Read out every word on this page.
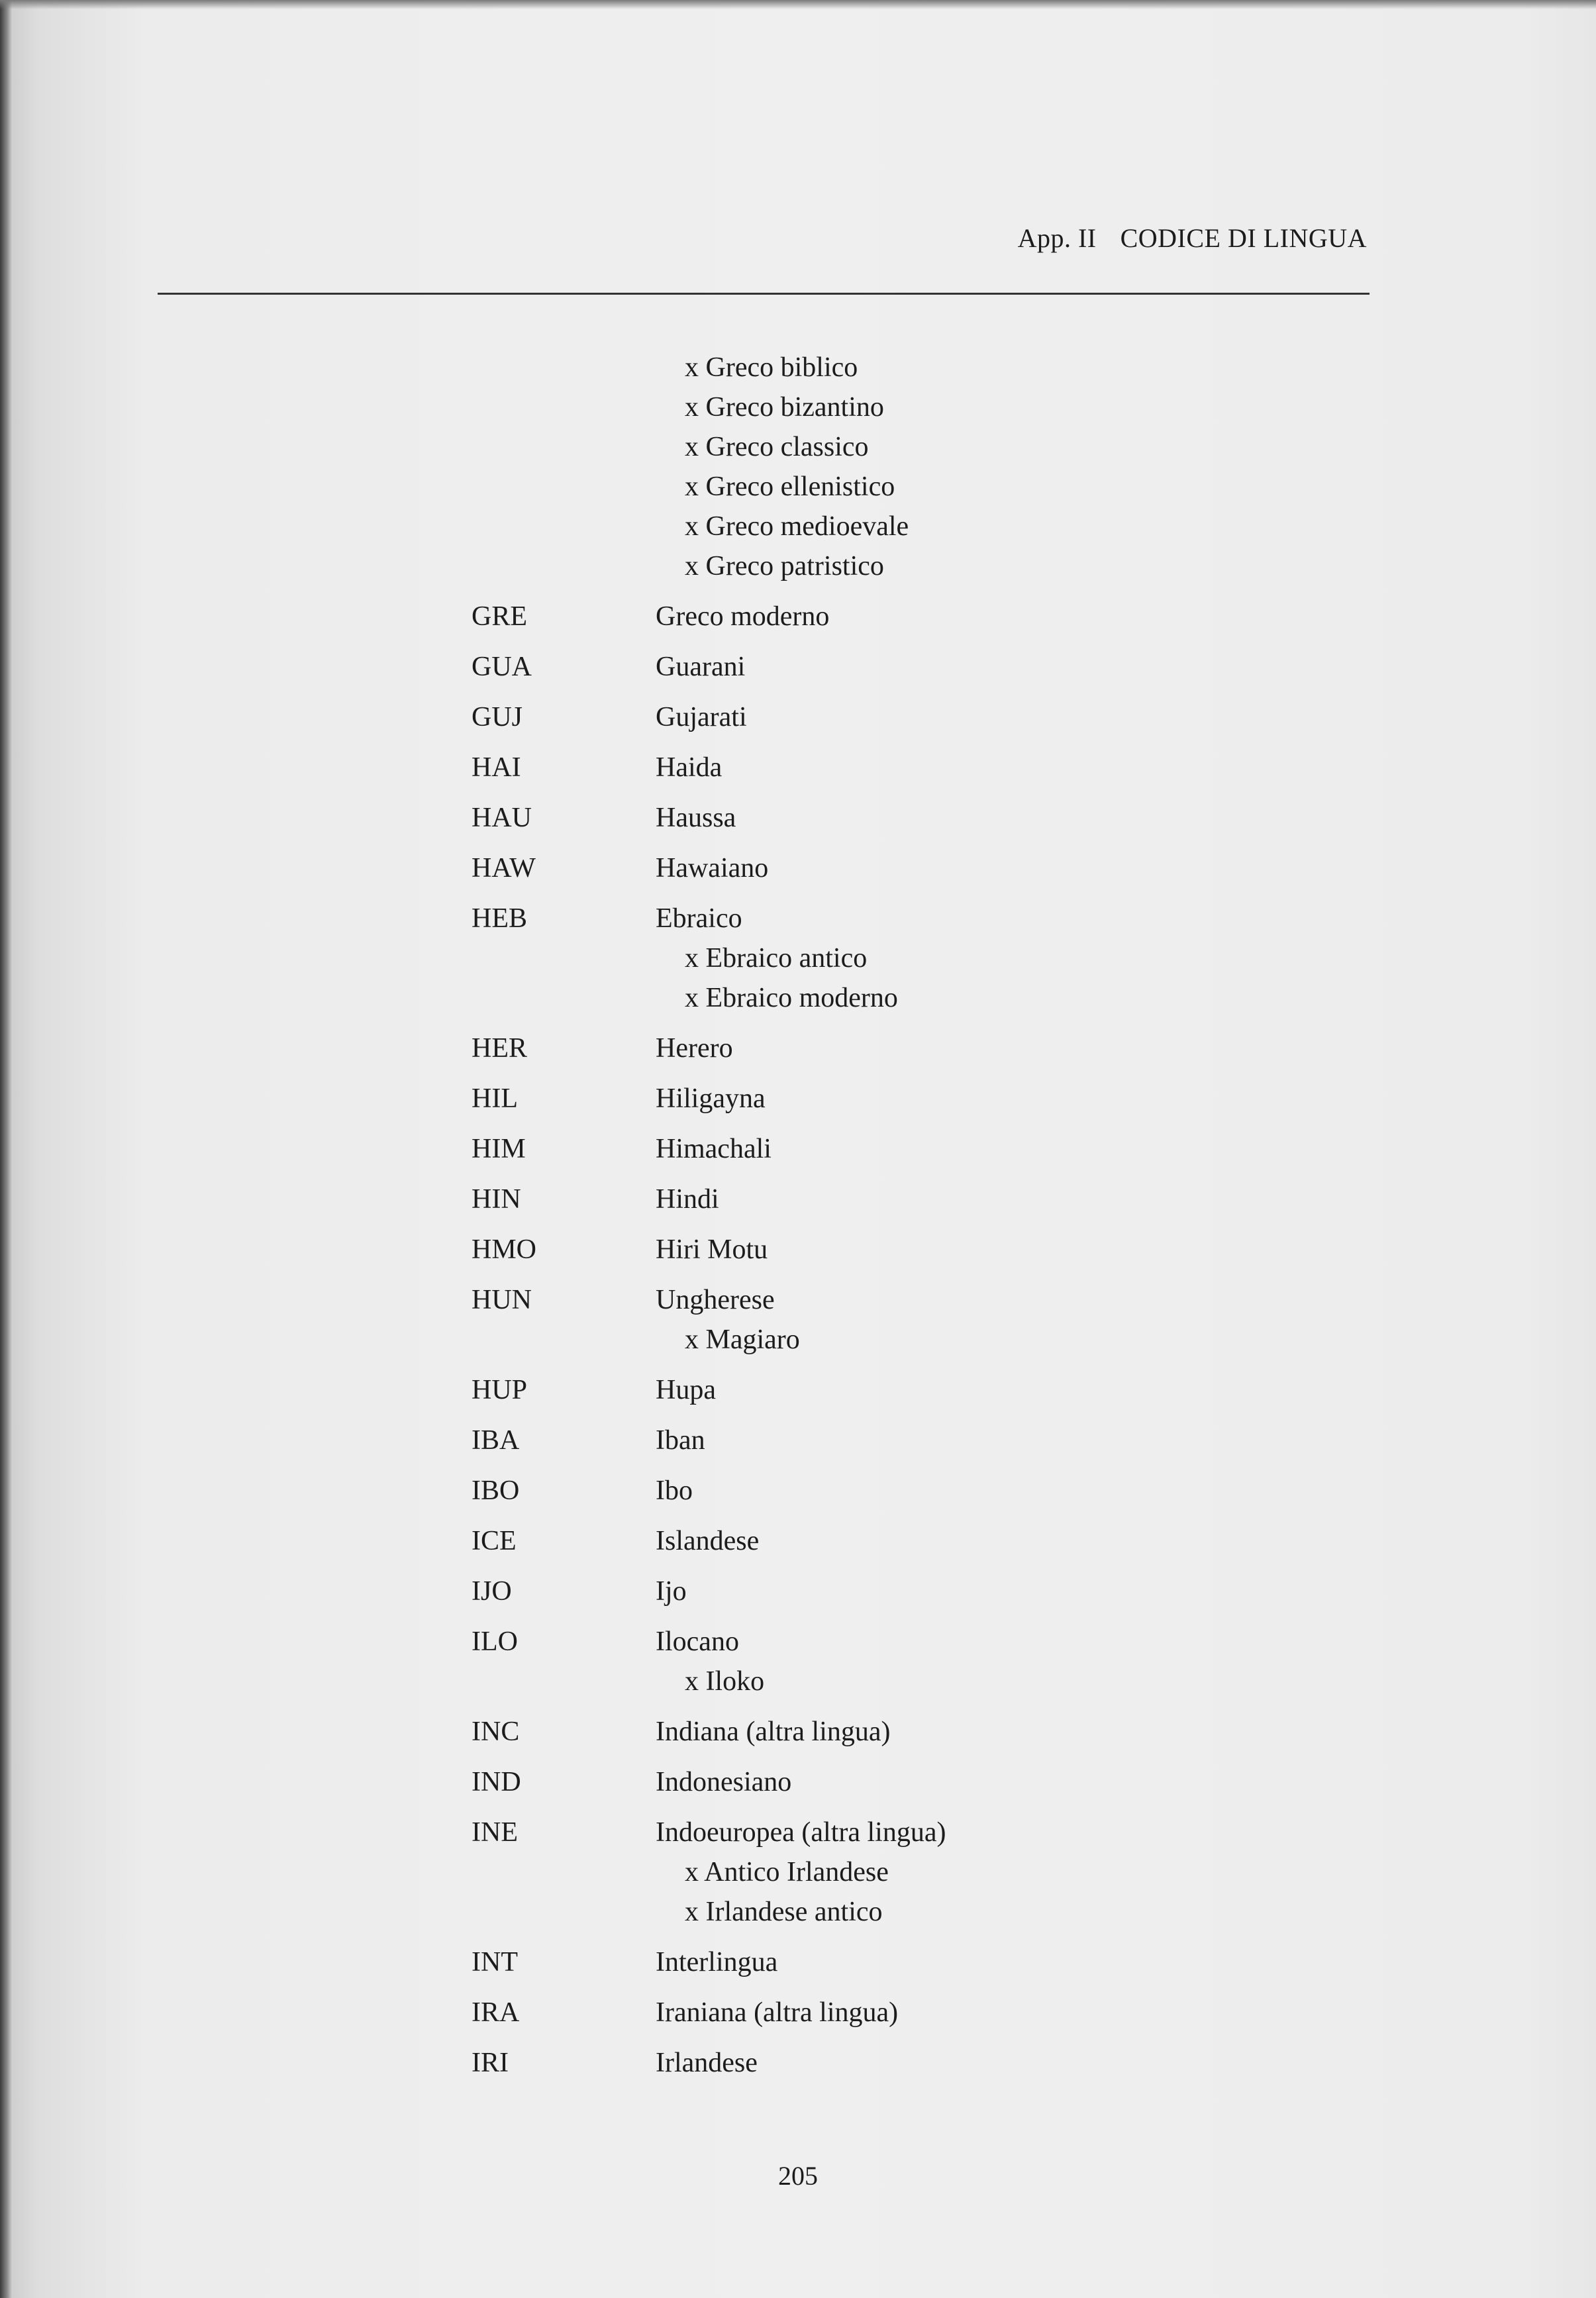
App. II CODICE DI LINGUA
x Greco biblico
x Greco bizantino
x Greco classico
x Greco ellenistico
x Greco medioevale
x Greco patristico
GRE	Greco moderno
GUA	Guarani
GUJ	Gujarati
HAI	Haida
HAU	Haussa
HAW	Hawaiano
HEB	Ebraico
x Ebraico antico
x Ebraico moderno
HER	Herero
HIL	Hiligayna
HIM	Himachali
HIN	Hindi
HMO	Hiri Motu
HUN	Ungherese
x Magiaro
HUP	Hupa
IBA	Iban
IBO	Ibo
ICE	Islandese
IJO	Ijo
ILO	Ilocano
x Iloko
INC	Indiana (altra lingua)
IND	Indonesiano
INE	Indoeuropea (altra lingua)
x Antico Irlandese
x Irlandese antico
INT	Interlingua
IRA	Iraniana (altra lingua)
IRI	Irlandese
205
